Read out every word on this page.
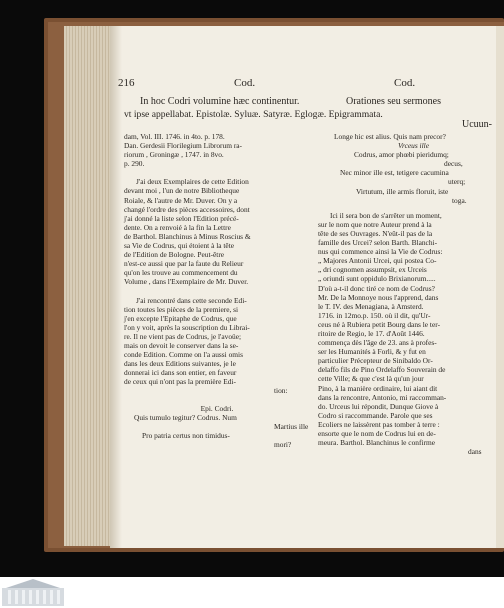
216	Cod.	Cod.
In hoc Codri volumine hæc continentur.	Orationes seu sermones
vt ipse appellabat. Epistolæ. Syluæ. Satyræ. Eglogæ. Epigrammata.
Ucuun-

dam, Vol. III. 1746. in 4to. p. 178.

Dan. Gerdesii Florilegium Librorum ra-

riorum , Groningæ , 1747. in 8vo.

p. 290.

J'ai deux Exemplaires de cette Edition

devant moi , l'un de notre Bibliotheque

Roiale, & l'autre de Mr. Duver. On y a

changé l'ordre des pièces accessoires, dont

j'ai donné la liste selon l'Edition précé-

dente. On a renvoié à la fin la Lettre

de Barthol. Blanchinus à Minus Roscius &

sa Vie de Codrus, qui étoient à la tête

de l'Edition de Bologne. Peut-être

n'est-ce aussi que par la faute du Relieur

qu'on les trouve au commencement du

Volume , dans l'Exemplaire de Mr. Duver.

J'ai rencontré dans cette seconde Edi-

tion toutes les pièces de la premiere, si

j'en excepte l'Epitaphe de Codrus, que

l'on y voit, après la souscription du Librai-

re. Il ne vient pas de Codrus, je l'avoüe;

mais on devoit le conserver dans la se-

conde Edition. Comme on l'a aussi omis

dans les deux Editions suivantes, je le

donnerai ici dans son entier, en faveur

de ceux qui n'ont pas la première Edi-

tion:

Epi. Codri.

Quis tumulo tegitur? Codrus. Num

Martius ille

Pro patria certus non timidus-

mori?

Longe hic est alius. Quis nam precor?

Vrceus ille

Codrus, amor phœbi pieridumq;

decus,

Nec minor ille est, tetigere cacumina

uterq;

Virtutum, ille armis floruit, iste

toga.

Ici il sera bon de s'arrêter un moment,

sur le nom que notre Auteur prend à la

tête de ses Ouvrages. N'eût-il pas de la

famille des Urcei? selon Barth. Blanchi-

nus qui commence ainsi la Vie de Codrus:

„ Majores Antonii Urcei, qui postea Co-

„ dri cognomen assumpsit, ex Urceis

„ oriundi sunt oppidulo Brixianorum.....

D'où a-t-il donc tiré ce nom de Codrus?

Mr. De la Monnoye nous l'apprend, dans

le T. IV. des Menagiana, à Amsterd.

1716. in 12mo.p. 150. où il dit, qu'Ur-

ceus né à Rubiera petit Bourg dans le ter-

ritoire de Regio, le 17. d'Août 1446.

commença dès l'âge de 23. ans à profes-

ser les Humanités à Forli, & y fut en

particulier Précepteur de Sinibaldo Or-

delaffo fils de Pino Ordelaffo Souverain de

cette Ville; & que c'est là qu'un jour

Pino, à la manière ordinaire, lui aiant dit

dans la rencontre, Antonio, mi raccomman-

do. Urceus lui répondit, Dunque Giove à

Codro si raccommande. Parole que ses

Ecoliers ne laissèrent pas tomber à terre :

ensorte que le nom de Codrus lui en de-

meura. Barthol. Blanchinus le confirme

dans
